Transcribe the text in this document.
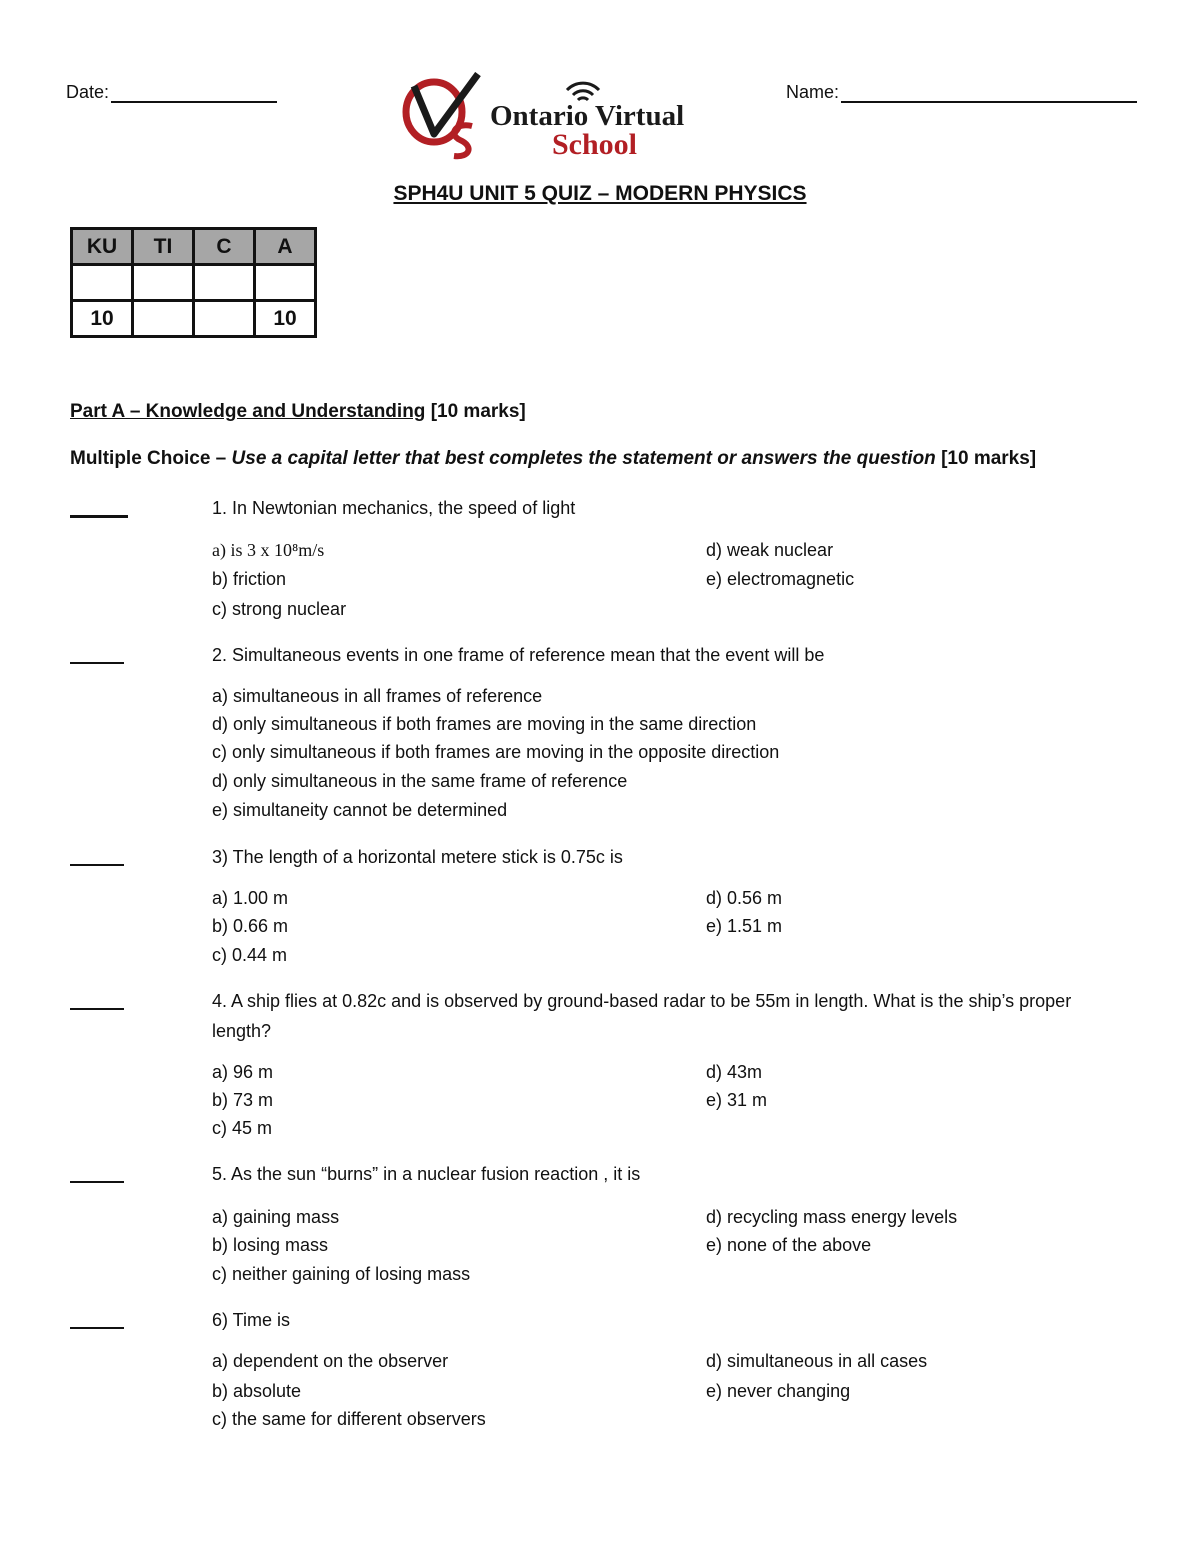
Date:
Ontario Virtual
School
Name:
SPH4U UNIT 5 QUIZ – MODERN PHYSICS
KU	TI	C	A

10			10
Part A – Knowledge and Understanding [10 marks]
Multiple Choice – Use a capital letter that best completes the statement or answers the question [10 marks]
1. In Newtonian mechanics, the speed of light
a) is 3 x 10⁸m/s
b) friction
c) strong nuclear
d) weak nuclear
e) electromagnetic
2. Simultaneous events in one frame of reference mean that the event will be
a) simultaneous in all frames of reference
d) only simultaneous if both frames are moving in the same direction
c) only simultaneous if both frames are moving in the opposite direction
d) only simultaneous in the same frame of reference
e) simultaneity cannot be determined
3) The length of a horizontal metere stick is 0.75c is
a) 1.00 m
b) 0.66 m
c) 0.44 m
d) 0.56 m
e) 1.51 m
4. A ship flies at 0.82c and is observed by ground-based radar to be 55m in length. What is the ship’s proper length?
a) 96 m
b) 73 m
c) 45 m
d) 43m
e) 31 m
5. As the sun “burns” in a nuclear fusion reaction , it is
a) gaining mass
b) losing mass
c) neither gaining of losing mass
d) recycling mass energy levels
e) none of the above
6) Time is
a) dependent on the observer
b) absolute
c) the same for different observers
d) simultaneous in all cases
e) never changing
